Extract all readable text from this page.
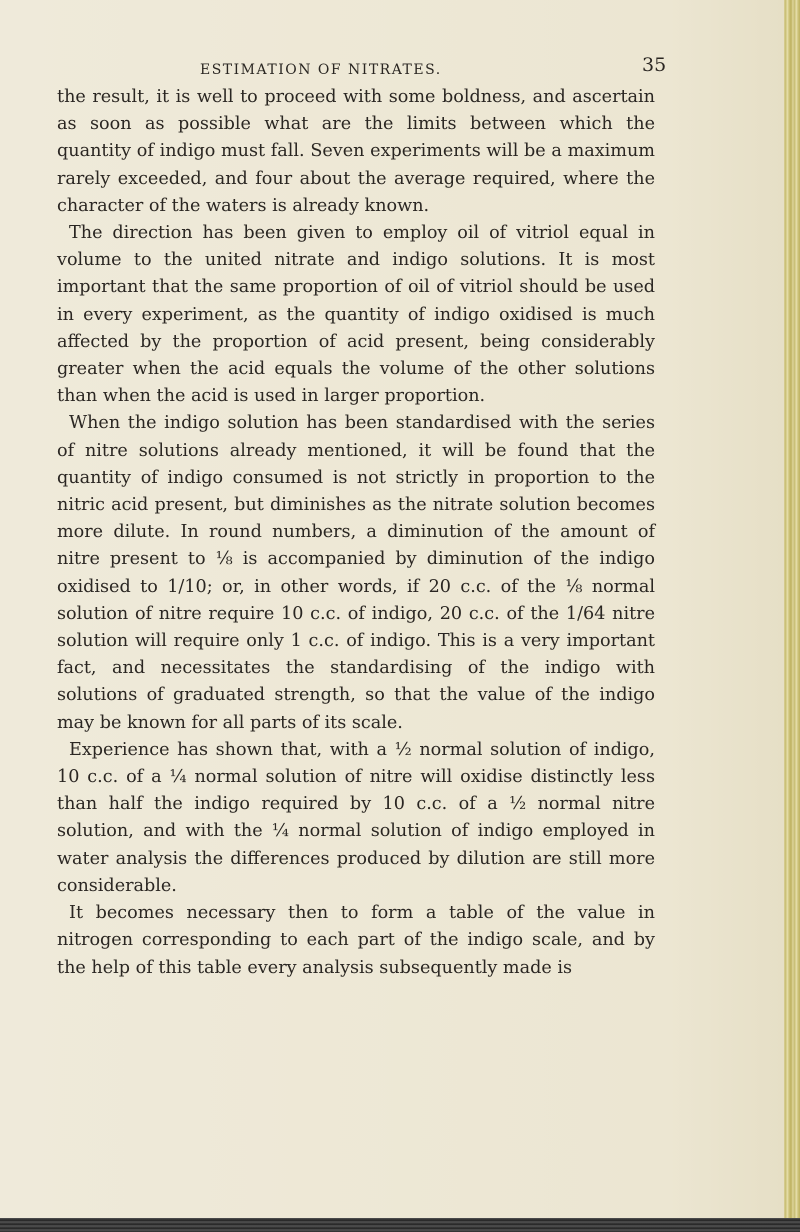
ESTIMATION OF NITRATES.	35

the result, it is well to proceed with some boldness, and ascertain as soon as possible what are the limits between which the quantity of indigo must fall. Seven experiments will be a maximum rarely exceeded, and four about the average required, where the character of the waters is already known.

The direction has been given to employ oil of vitriol equal in volume to the united nitrate and indigo solutions. It is most important that the same proportion of oil of vitriol should be used in every experiment, as the quantity of indigo oxidised is much affected by the proportion of acid present, being considerably greater when the acid equals the volume of the other solutions than when the acid is used in larger proportion.

When the indigo solution has been standardised with the series of nitre solutions already mentioned, it will be found that the quantity of indigo consumed is not strictly in proportion to the nitric acid present, but diminishes as the nitrate solution becomes more dilute. In round numbers, a diminution of the amount of nitre present to ⅛ is accompanied by diminution of the indigo oxidised to 1/10; or, in other words, if 20 c.c. of the ⅛ normal solution of nitre require 10 c.c. of indigo, 20 c.c. of the 1/64 nitre solution will require only 1 c.c. of indigo. This is a very important fact, and necessitates the standardising of the indigo with solutions of graduated strength, so that the value of the indigo may be known for all parts of its scale.

Experience has shown that, with a ½ normal solution of indigo, 10 c.c. of a ¼ normal solution of nitre will oxidise distinctly less than half the indigo required by 10 c.c. of a ½ normal nitre solution, and with the ¼ normal solution of indigo employed in water analysis the differences produced by dilution are still more considerable.

It becomes necessary then to form a table of the value in nitrogen corresponding to each part of the indigo scale, and by the help of this table every analysis subsequently made is
